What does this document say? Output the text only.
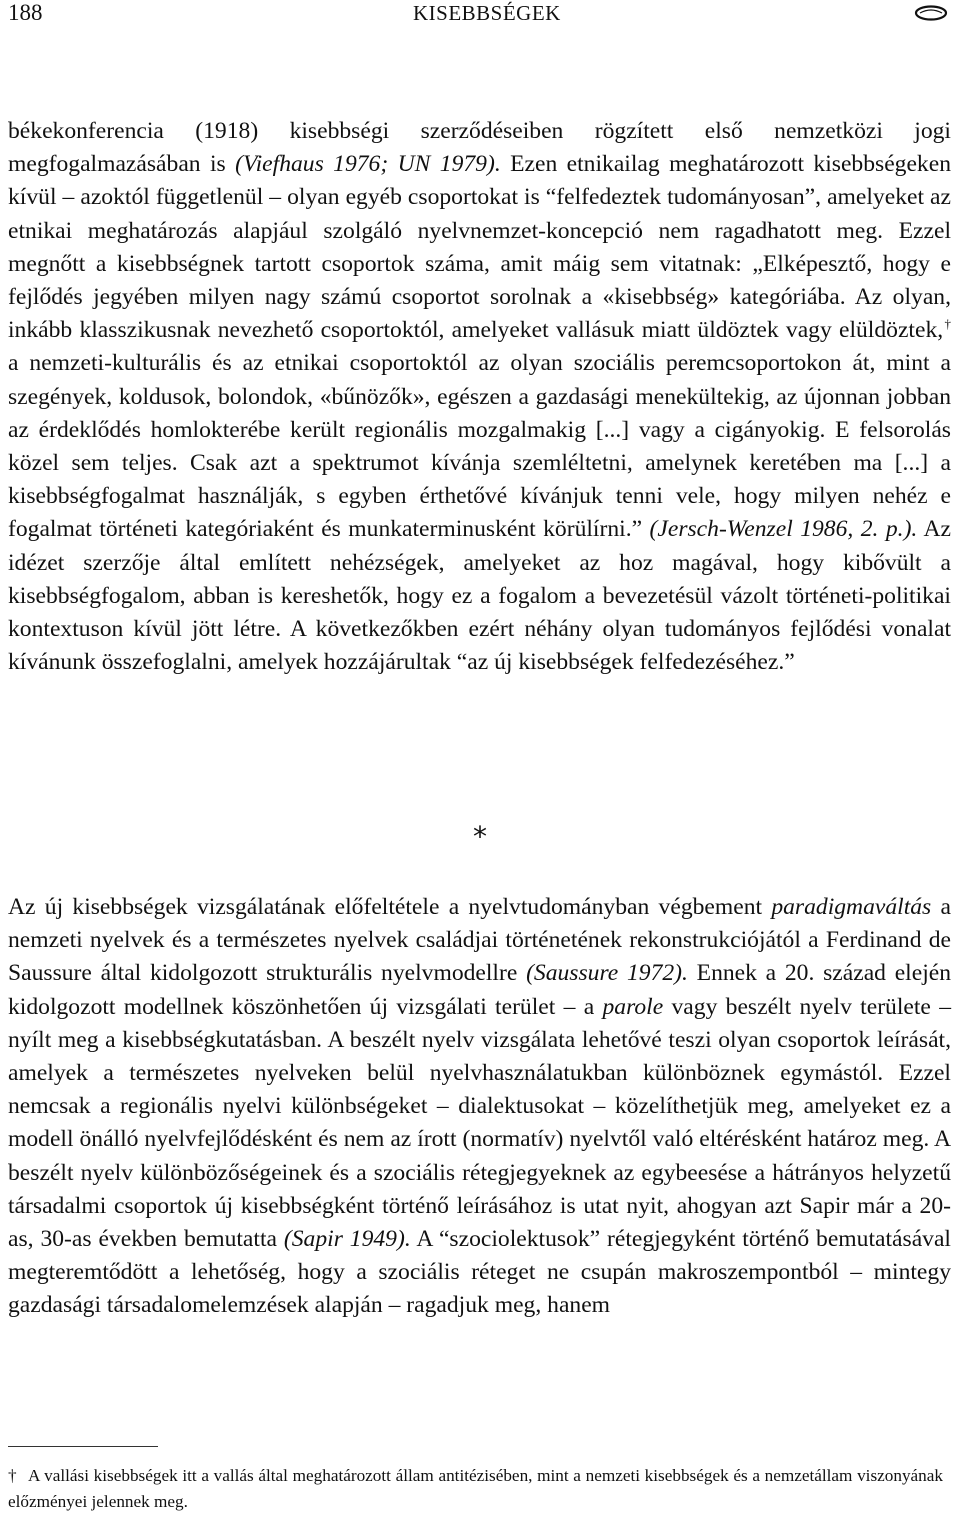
188	KISEBBSÉGEK
békekonferencia (1918) kisebbségi szerződéseiben rögzített első nemzetközi jogi megfogalmazásában is (Viefhaus 1976; UN 1979). Ezen etnikailag meghatározott kisebbségeken kívül – azoktól függetlenül – olyan egyéb csoportokat is “felfedeztek tudományosan”, amelyeket az etnikai meghatározás alapjául szolgáló nyelvnemzet-koncepció nem ragadhatott meg. Ezzel megnőtt a kisebbségnek tartott csoportok száma, amit máig sem vitatnak: „Elképesztő, hogy e fejlődés jegyében milyen nagy számú csoportot sorolnak a «kisebbség» kategóriába. Az olyan, inkább klasszikusnak nevezhető csoportoktól, amelyeket vallásuk miatt üldöztek vagy elüldöztek,† a nemzeti-kulturális és az etnikai csoportoktól az olyan szociális peremcsoportokon át, mint a szegények, koldusok, bolondok, «bűnözők», egészen a gazdasági menekültekig, az újonnan jobban az érdeklődés homlokterébe került regionális mozgalmakig [...] vagy a cigányokig. E felsorolás közel sem teljes. Csak azt a spektrumot kívánja szemléltetni, amelynek keretében ma [...] a kisebbségfogalmat használják, s egyben érthetővé kívánjuk tenni vele, hogy milyen nehéz e fogalmat történeti kategóriaként és munkaterminusként körülírni.” (Jersch-Wenzel 1986, 2. p.). Az idézet szerzője által említett nehézségek, amelyeket az hoz magával, hogy kibővült a kisebbségfogalom, abban is kereshetők, hogy ez a fogalom a bevezetésül vázolt történeti-politikai kontextuson kívül jött létre. A következőkben ezért néhány olyan tudományos fejlődési vonalat kívánunk összefoglalni, amelyek hozzájárultak “az új kisebbségek felfedezéséhez.”
*
Az új kisebbségek vizsgálatának előfeltétele a nyelvtudományban végbement paradigmaváltás a nemzeti nyelvek és a természetes nyelvek családjai történetének rekonstrukciójától a Ferdinand de Saussure által kidolgozott strukturális nyelvmodellre (Saussure 1972). Ennek a 20. század elején kidolgozott modellnek köszönhetően új vizsgálati terület – a parole vagy beszélt nyelv területe – nyílt meg a kisebbségkutatásban. A beszélt nyelv vizsgálata lehetővé teszi olyan csoportok leírását, amelyek a természetes nyelveken belül nyelvhasználatukban különböznek egymástól. Ezzel nemcsak a regionális nyelvi különbségeket – dialektusokat – közelíthetjük meg, amelyeket ez a modell önálló nyelvfejlődésként és nem az írott (normatív) nyelvtől való eltérésként határoz meg. A beszélt nyelv különbözőségeinek és a szociális rétegjegyeknek az egybeesése a hátrányos helyzetű társadalmi csoportok új kisebbségként történő leírásához is utat nyit, ahogyan azt Sapir már a 20-as, 30-as években bemutatta (Sapir 1949). A “szociolektusok” rétegjegyként történő bemutatásával megteremtődött a lehetőség, hogy a szociális réteget ne csupán makroszempontból – mintegy gazdasági társadalomelemzések alapján – ragadjuk meg, hanem
† A vallási kisebbségek itt a vallás által meghatározott állam antitézisében, mint a nemzeti kisebbségek és a nemzetállam viszonyának előzményei jelennek meg.
